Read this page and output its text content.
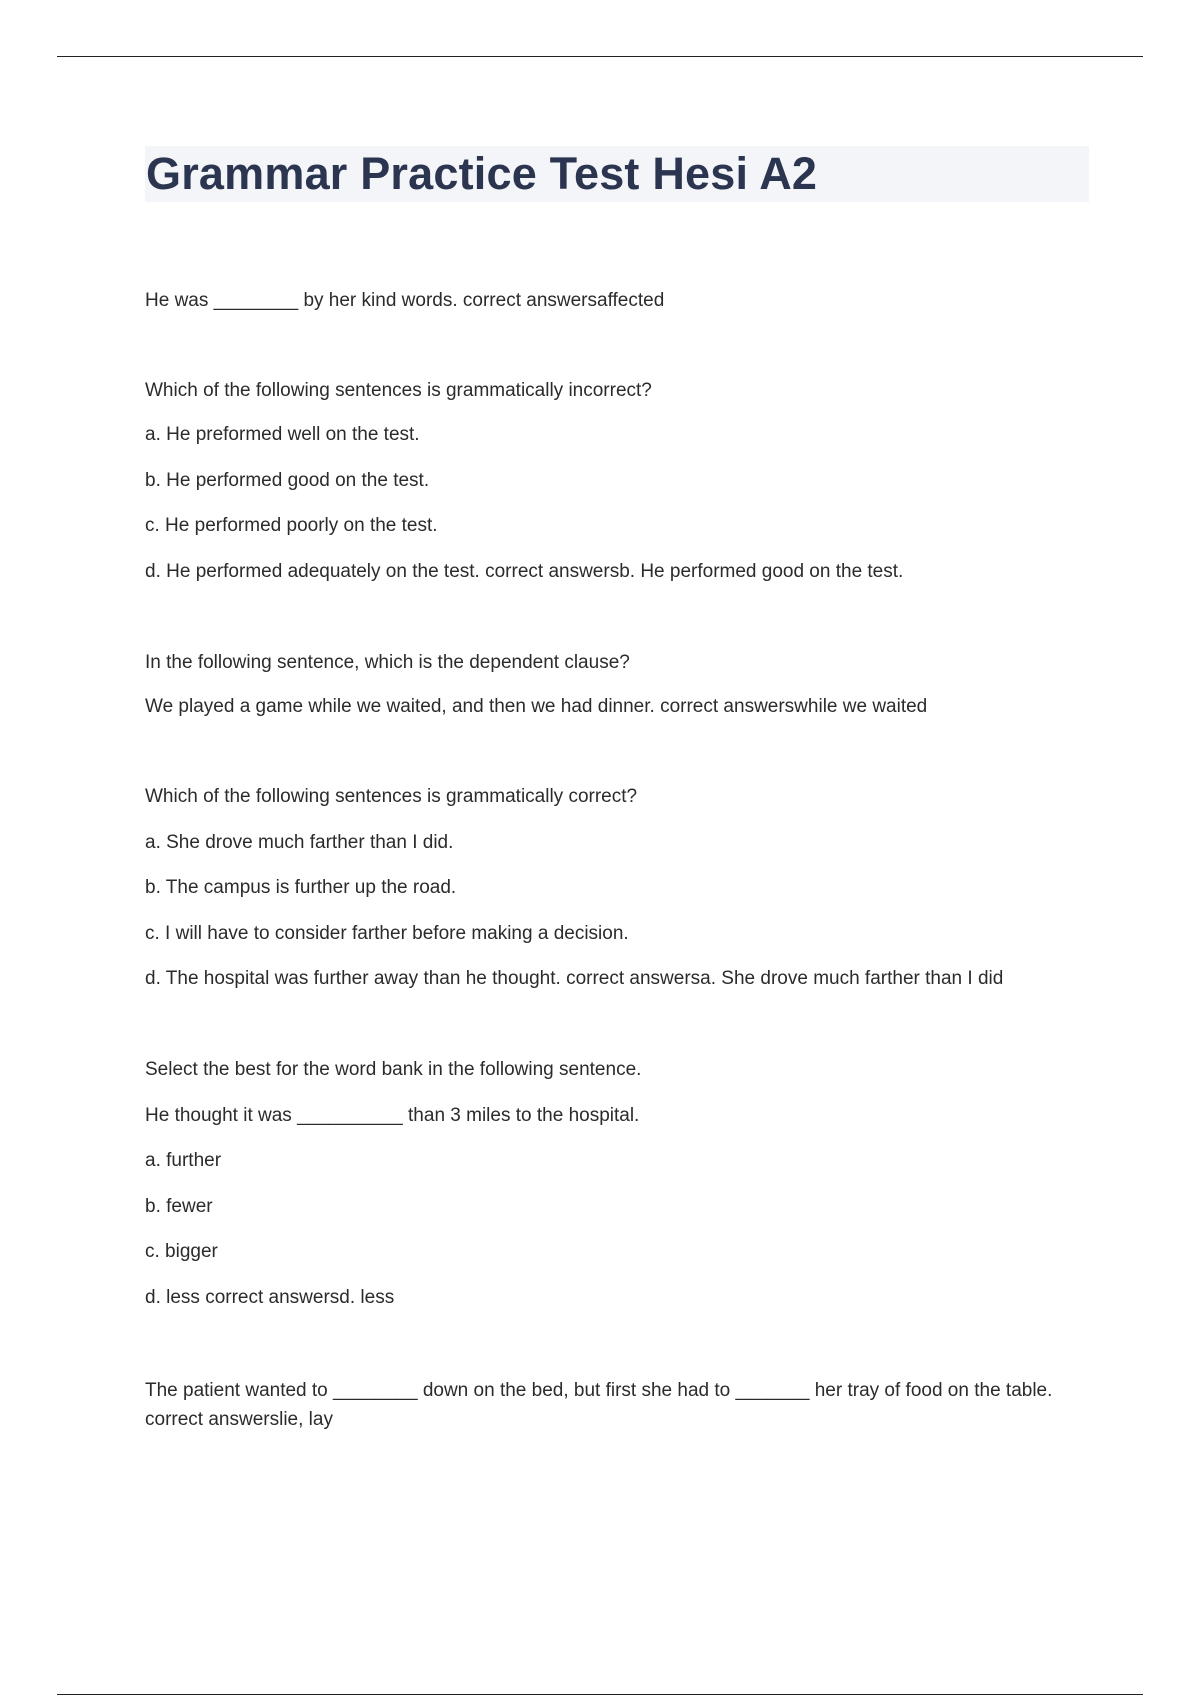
Grammar Practice Test Hesi A2

He was ________ by her kind words. correct answersaffected

Which of the following sentences is grammatically incorrect?

a. He preformed well on the test.

b. He performed good on the test.

c. He performed poorly on the test.

d. He performed adequately on the test. correct answersb. He performed good on the test.

In the following sentence, which is the dependent clause?

We played a game while we waited, and then we had dinner. correct answerswhile we waited

Which of the following sentences is grammatically correct?

a. She drove much farther than I did.

b. The campus is further up the road.

c. I will have to consider farther before making a decision.

d. The hospital was further away than he thought. correct answersa. She drove much farther than I did

Select the best for the word bank in the following sentence.

He thought it was __________ than 3 miles to the hospital.

a. further

b. fewer

c. bigger

d. less correct answersd. less

The patient wanted to ________ down on the bed, but first she had to _______ her tray of food on the table. correct answerslie, lay
